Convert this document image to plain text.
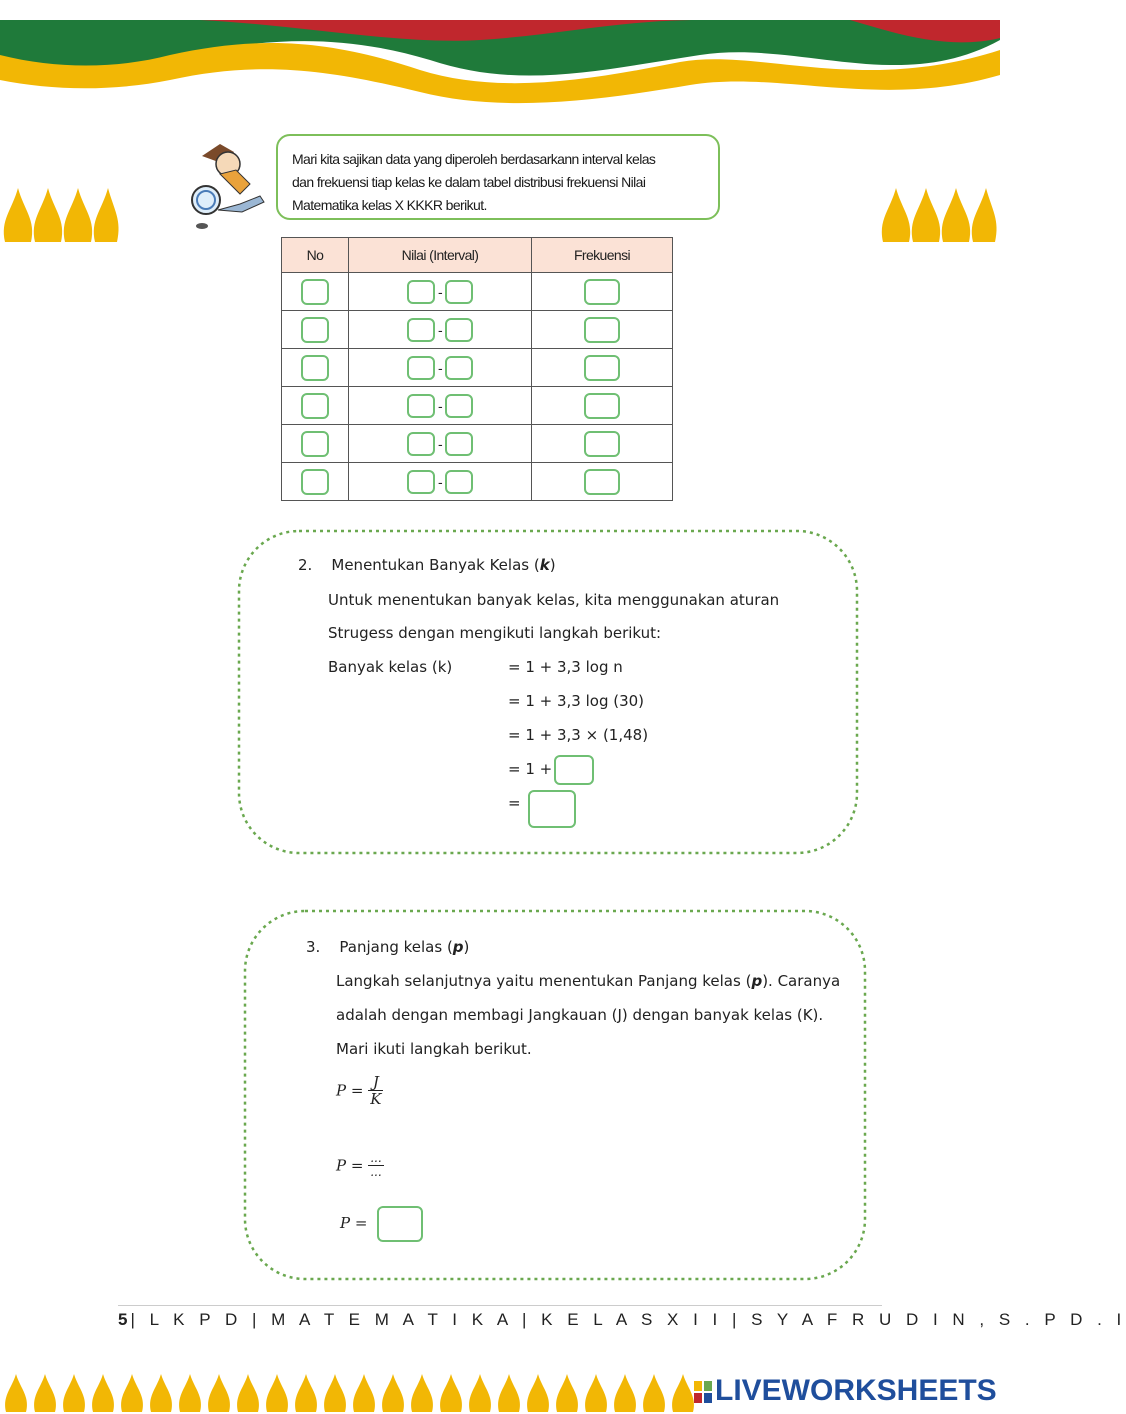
Mari kita sajikan data yang diperoleh berdasarkann interval kelas
dan frekuensi tiap kelas ke dalam tabel distribusi frekuensi Nilai
Matematika kelas X KKKR berikut.
No	Nilai (Interval)	Frekuensi
	-	
	-	
	-	
	-	
	-	
	-	
2. Menentukan Banyak Kelas (k)
Untuk menentukan banyak kelas, kita menggunakan aturan
Strugess dengan mengikuti langkah berikut:
Banyak kelas (k)	= 1 + 3,3 log n
= 1 + 3,3 log (30)
= 1 + 3,3 × (1,48)
= 1 +
=
3. Panjang kelas (p)
Langkah selanjutnya yaitu menentukan Panjang kelas (p). Caranya
adalah dengan membagi Jangkauan (J) dengan banyak kelas (K).
Mari ikuti langkah berikut.
$P = \frac{J}{K}$
$P = \frac{...}{...}$
P =
5| L K P D | M A T E M A T I K A | K E L A S X I I | S Y A F R U D I N , S . P D . I
LIVEWORKSHEETS
